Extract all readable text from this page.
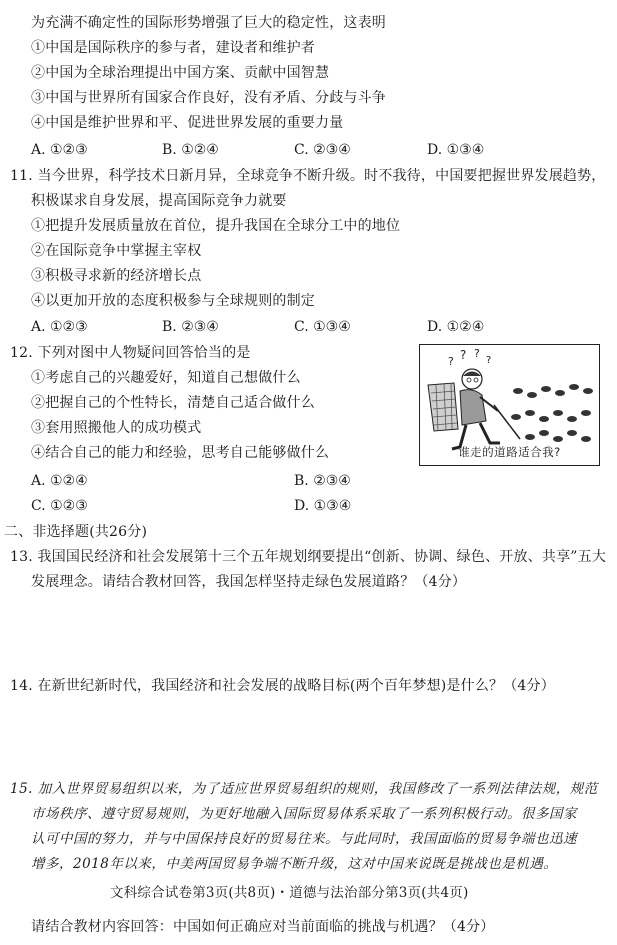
为充满不确定性的国际形势增强了巨大的稳定性，这表明
①中国是国际秩序的参与者，建设者和维护者
②中国为全球治理提出中国方案、贡献中国智慧
③中国与世界所有国家合作良好，没有矛盾、分歧与斗争
④中国是维护世界和平、促进世界发展的重要力量
A. ①②③	B. ①②④	C. ②③④	D. ①③④
11. 当今世界，科学技术日新月异，全球竞争不断升级。时不我待，中国要把握世界发展趋势，
积极谋求自身发展，提高国际竞争力就要
①把提升发展质量放在首位，提升我国在全球分工中的地位
②在国际竞争中掌握主宰权
③积极寻求新的经济增长点
④以更加开放的态度积极参与全球规则的制定
A. ①②③	B. ②③④	C. ①③④	D. ①②④
12. 下列对图中人物疑问回答恰当的是
①考虑自己的兴趣爱好，知道自己想做什么
②把握自己的个性特长，清楚自己适合做什么
③套用照搬他人的成功模式
④结合自己的能力和经验，思考自己能够做什么
A. ①②④	B. ②③④
C. ①②③	D. ①③④
? ? ?
?
谁走的道路适合我?
二、非选择题(共26分)
13. 我国国民经济和社会发展第十三个五年规划纲要提出“创新、协调、绿色、开放、共享”五大
发展理念。请结合教材回答，我国怎样坚持走绿色发展道路？（4分）
14. 在新世纪新时代，我国经济和社会发展的战略目标(两个百年梦想)是什么？（4分）
15. 加入世界贸易组织以来，为了适应世界贸易组织的规则，我国修改了一系列法律法规，规范
市场秩序、遵守贸易规则，为更好地融入国际贸易体系采取了一系列积极行动。很多国家
认可中国的努力，并与中国保持良好的贸易往来。与此同时，我国面临的贸易争端也迅速
增多，2018年以来，中美两国贸易争端不断升级，这对中国来说既是挑战也是机遇。
文科综合试卷第3页(共8页)・道德与法治部分第3页(共4页)
请结合教材内容回答：中国如何正确应对当前面临的挑战与机遇？（4分）
